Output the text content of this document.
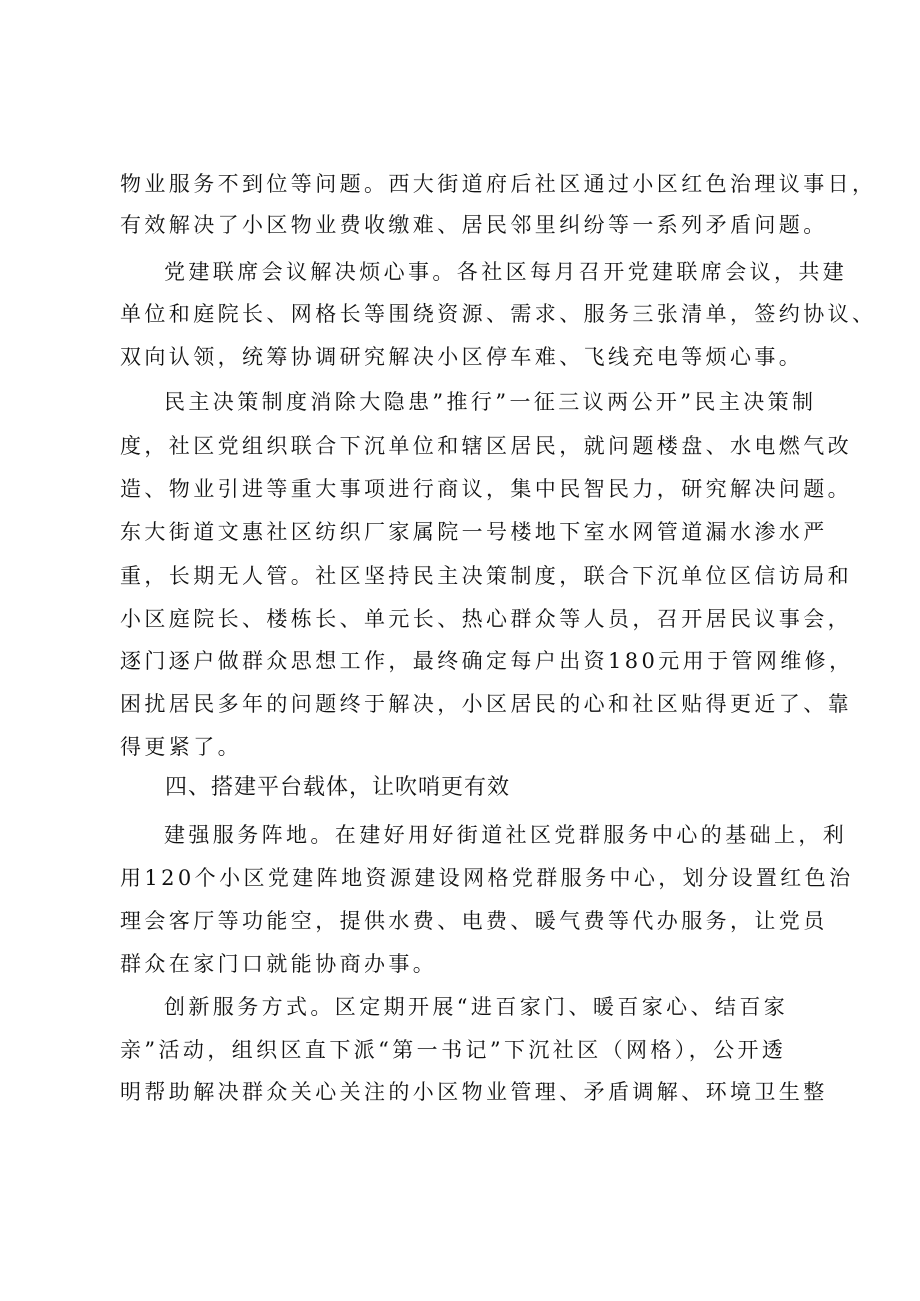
物业服务不到位等问题。西大街道府后社区通过小区红色治理议事日，
有效解决了小区物业费收缴难、居民邻里纠纷等一系列矛盾问题。
党建联席会议解决烦心事。各社区每月召开党建联席会议，共建
单位和庭院长、网格长等围绕资源、需求、服务三张清单，签约协议、
双向认领，统筹协调研究解决小区停车难、飞线充电等烦心事。
民主决策制度消除大隐患”推行”一征三议两公开”民主决策制
度，社区党组织联合下沉单位和辖区居民，就问题楼盘、水电燃气改
造、物业引进等重大事项进行商议，集中民智民力，研究解决问题。
东大街道文惠社区纺织厂家属院一号楼地下室水网管道漏水渗水严
重，长期无人管。社区坚持民主决策制度，联合下沉单位区信访局和
小区庭院长、楼栋长、单元长、热心群众等人员，召开居民议事会，
逐门逐户做群众思想工作，最终确定每户出资180元用于管网维修，
困扰居民多年的问题终于解决，小区居民的心和社区贴得更近了、靠
得更紧了。
四、搭建平台载体，让吹哨更有效
建强服务阵地。在建好用好街道社区党群服务中心的基础上，利
用120个小区党建阵地资源建设网格党群服务中心，划分设置红色治
理会客厅等功能空，提供水费、电费、暖气费等代办服务，让党员
群众在家门口就能协商办事。
创新服务方式。区定期开展“进百家门、暖百家心、结百家
亲”活动，组织区直下派“第一书记”下沉社区（网格），公开透
明帮助解决群众关心关注的小区物业管理、矛盾调解、环境卫生整
